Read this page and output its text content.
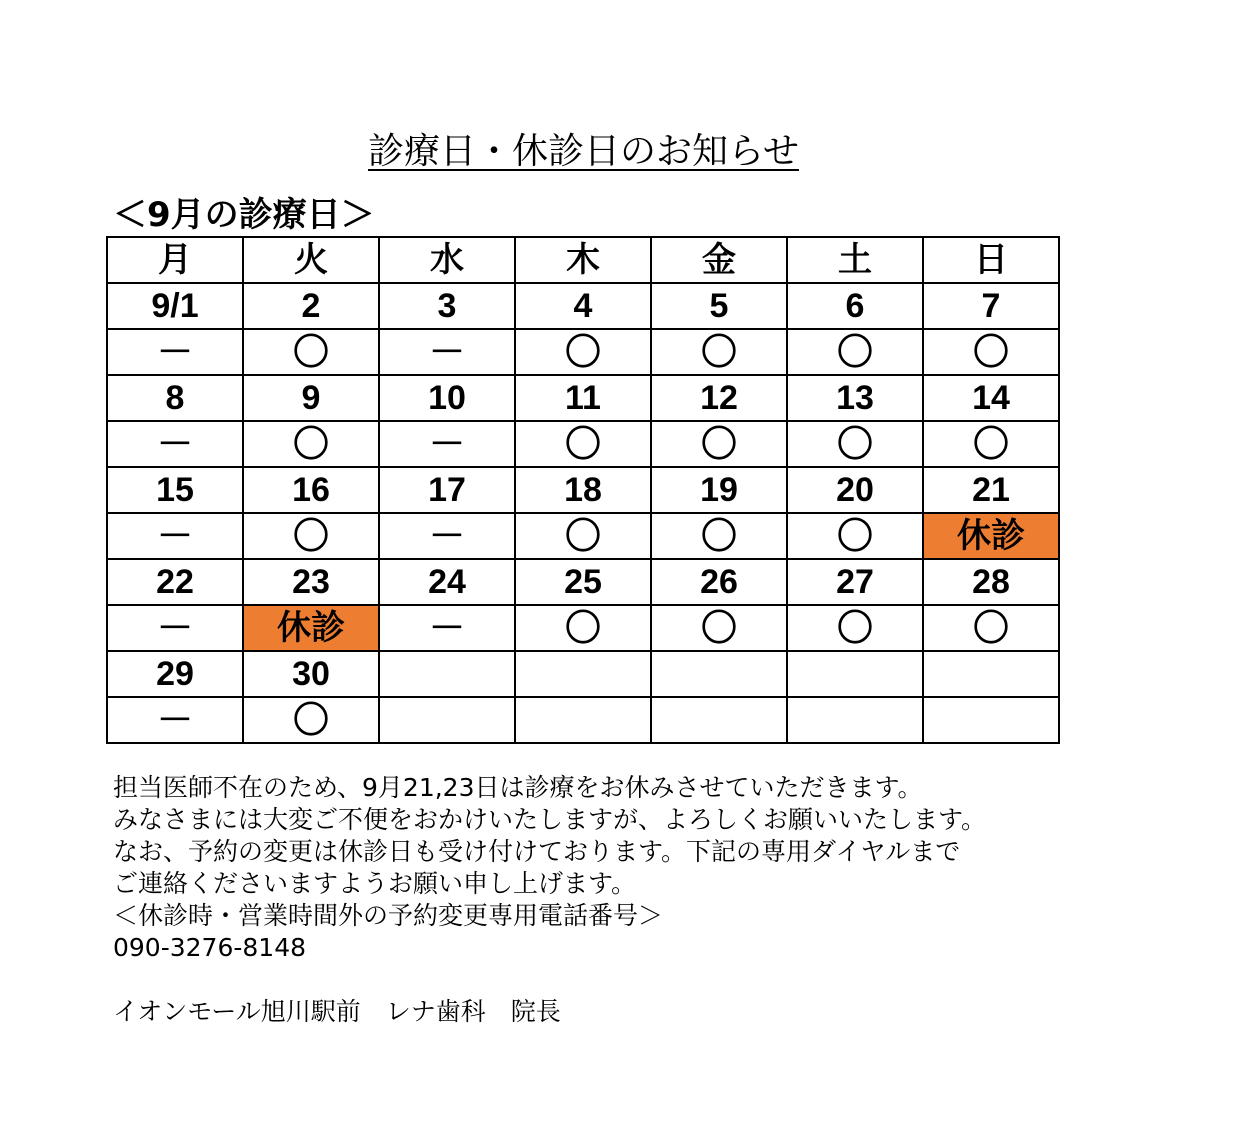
診療日・休診日のお知らせ
＜9月の診療日＞
月	火	水	木	金	土	日
9/1	2	3	4	5	6	7
－	〇	－	〇	〇	〇	〇
8	9	10	11	12	13	14
－	〇	－	〇	〇	〇	〇
15	16	17	18	19	20	21
－	〇	－	〇	〇	〇	休診
22	23	24	25	26	27	28
－	休診	－	〇	〇	〇	〇
29	30					
－	〇					
担当医師不在のため、9月21,23日は診療をお休みさせていただきます。
みなさまには大変ご不便をおかけいたしますが、よろしくお願いいたします。
なお、予約の変更は休診日も受け付けております。下記の専用ダイヤルまで
ご連絡くださいますようお願い申し上げます。
＜休診時・営業時間外の予約変更専用電話番号＞
090-3276-8148
イオンモール旭川駅前　レナ歯科　院長
